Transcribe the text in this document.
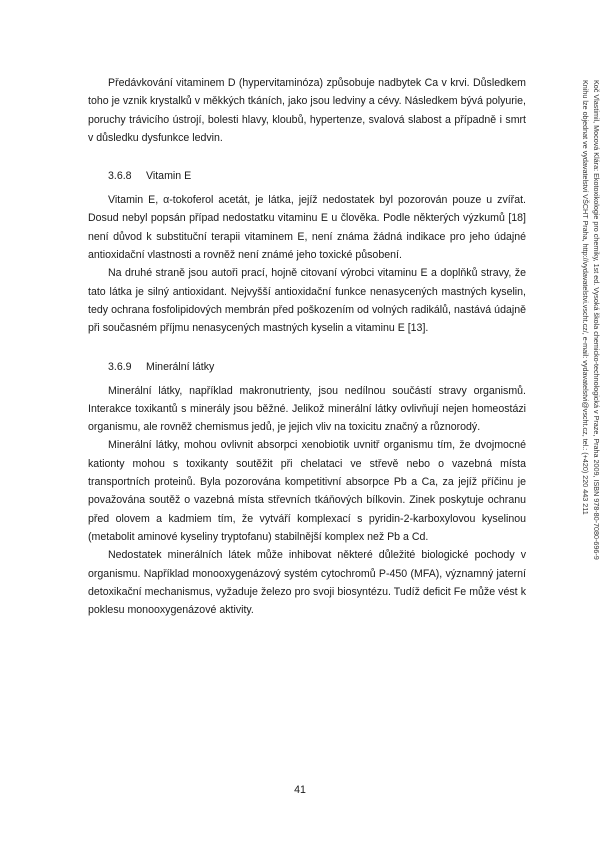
Předávkování vitaminem D (hypervitaminóza) způsobuje nadbytek Ca v krvi. Důsledkem toho je vznik krystalků v měkkých tkáních, jako jsou ledviny a cévy. Následkem bývá polyurie, poruchy trávicího ústrojí, bolesti hlavy, kloubů, hypertenze, svalová slabost a případně i smrt v důsledku dysfunkce ledvin.

3.6.8 Vitamin E

Vitamin E, α-tokoferol acetát, je látka, jejíž nedostatek byl pozorován pouze u zvířat. Dosud nebyl popsán případ nedostatku vitaminu E u člověka. Podle některých výzkumů [18] není důvod k substituční terapii vitaminem E, není známa žádná indikace pro jeho údajné antioxidační vlastnosti a rovněž není známé jeho toxické působení.

Na druhé straně jsou autoři prací, hojně citovaní výrobci vitaminu E a doplňků stravy, že tato látka je silný antioxidant. Nejvyšší antioxidační funkce nenasycených mastných kyselin, tedy ochrana fosfolipidových membrán před poškozením od volných radikálů, nastává údajně při současném příjmu nenasycených mastných kyselin a vitaminu E [13].

3.6.9 Minerální látky

Minerální látky, například makronutrienty, jsou nedílnou součástí stravy organismů. Interakce toxikantů s minerály jsou běžné. Jelikož minerální látky ovlivňují nejen homeostázi organismu, ale rovněž chemismus jedů, je jejich vliv na toxicitu značný a různorodý.

Minerální látky, mohou ovlivnit absorpci xenobiotik uvnitř organismu tím, že dvojmocné kationty mohou s toxikanty soutěžit při chelataci ve střevě nebo o vazebná místa transportních proteinů. Byla pozorována kompetitivní absorpce Pb a Ca, za jejíž příčinu je považována soutěž o vazebná místa střevních tkáňových bílkovin. Zinek poskytuje ochranu před olovem a kadmiem tím, že vytváří komplexací s pyridin-2-karboxylovou kyselinou (metabolit aminové kyseliny tryptofanu) stabilnější komplex než Pb a Cd.

Nedostatek minerálních látek může inhibovat některé důležité biologické pochody v organismu. Například monooxygenázový systém cytochromů P-450 (MFA), významný jaterní detoxikační mechanismus, vyžaduje železo pro svoji biosyntézu. Tudíž deficit Fe může vést k poklesu monooxygenázové aktivity.

Koč Vlastimil, Mocová Klára: Ekotoxikologie pro chemiky, 1st ed. Vysoká škola chemicko-technologická v Praze, Praha 2009, ISBN 978-80-7080-696-9
Knihu lze objednat ve vydavatelství VŠCHT Praha, http://vydavatelstvi.vscht.cz/, e-mail: vydavatelstvi@vscht.cz, tel.: (+420) 220 443 211
41
